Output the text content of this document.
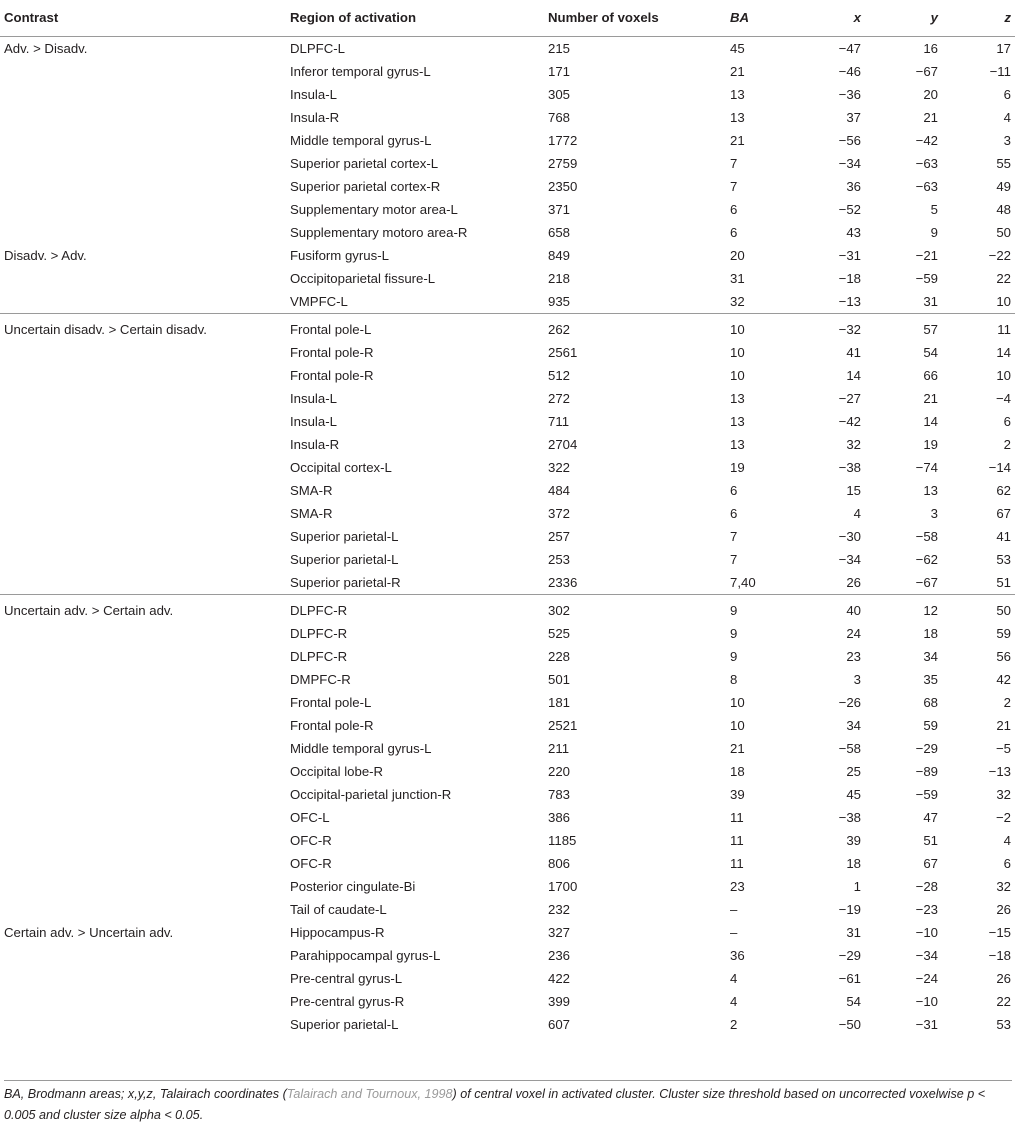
Contrast	Region of activation	Number of voxels	BA	x	y	z
Adv. > Disadv.	DLPFC-L	215	45	−47	16	17
	Inferor temporal gyrus-L	171	21	−46	−67	−11
	Insula-L	305	13	−36	20	6
	Insula-R	768	13	37	21	4
	Middle temporal gyrus-L	1772	21	−56	−42	3
	Superior parietal cortex-L	2759	7	−34	−63	55
	Superior parietal cortex-R	2350	7	36	−63	49
	Supplementary motor area-L	371	6	−52	5	48
	Supplementary motoro area-R	658	6	43	9	50
Disadv. > Adv.	Fusiform gyrus-L	849	20	−31	−21	−22
	Occipitoparietal fissure-L	218	31	−18	−59	22
	VMPFC-L	935	32	−13	31	10
Uncertain disadv. > Certain disadv.	Frontal pole-L	262	10	−32	57	11
	Frontal pole-R	2561	10	41	54	14
	Frontal pole-R	512	10	14	66	10
	Insula-L	272	13	−27	21	−4
	Insula-L	711	13	−42	14	6
	Insula-R	2704	13	32	19	2
	Occipital cortex-L	322	19	−38	−74	−14
	SMA-R	484	6	15	13	62
	SMA-R	372	6	4	3	67
	Superior parietal-L	257	7	−30	−58	41
	Superior parietal-L	253	7	−34	−62	53
	Superior parietal-R	2336	7,40	26	−67	51
Uncertain adv. > Certain adv.	DLPFC-R	302	9	40	12	50
	DLPFC-R	525	9	24	18	59
	DLPFC-R	228	9	23	34	56
	DMPFC-R	501	8	3	35	42
	Frontal pole-L	181	10	−26	68	2
	Frontal pole-R	2521	10	34	59	21
	Middle temporal gyrus-L	211	21	−58	−29	−5
	Occipital lobe-R	220	18	25	−89	−13
	Occipital-parietal junction-R	783	39	45	−59	32
	OFC-L	386	11	−38	47	−2
	OFC-R	1185	11	39	51	4
	OFC-R	806	11	18	67	6
	Posterior cingulate-Bi	1700	23	1	−28	32
	Tail of caudate-L	232	–	−19	−23	26
Certain adv. > Uncertain adv.	Hippocampus-R	327	–	31	−10	−15
	Parahippocampal gyrus-L	236	36	−29	−34	−18
	Pre-central gyrus-L	422	4	−61	−24	26
	Pre-central gyrus-R	399	4	54	−10	22
	Superior parietal-L	607	2	−50	−31	53
BA, Brodmann areas; x,y,z, Talairach coordinates (Talairach and Tournoux, 1998) of central voxel in activated cluster. Cluster size threshold based on uncorrected voxelwise p < 0.005 and cluster size alpha < 0.05.
